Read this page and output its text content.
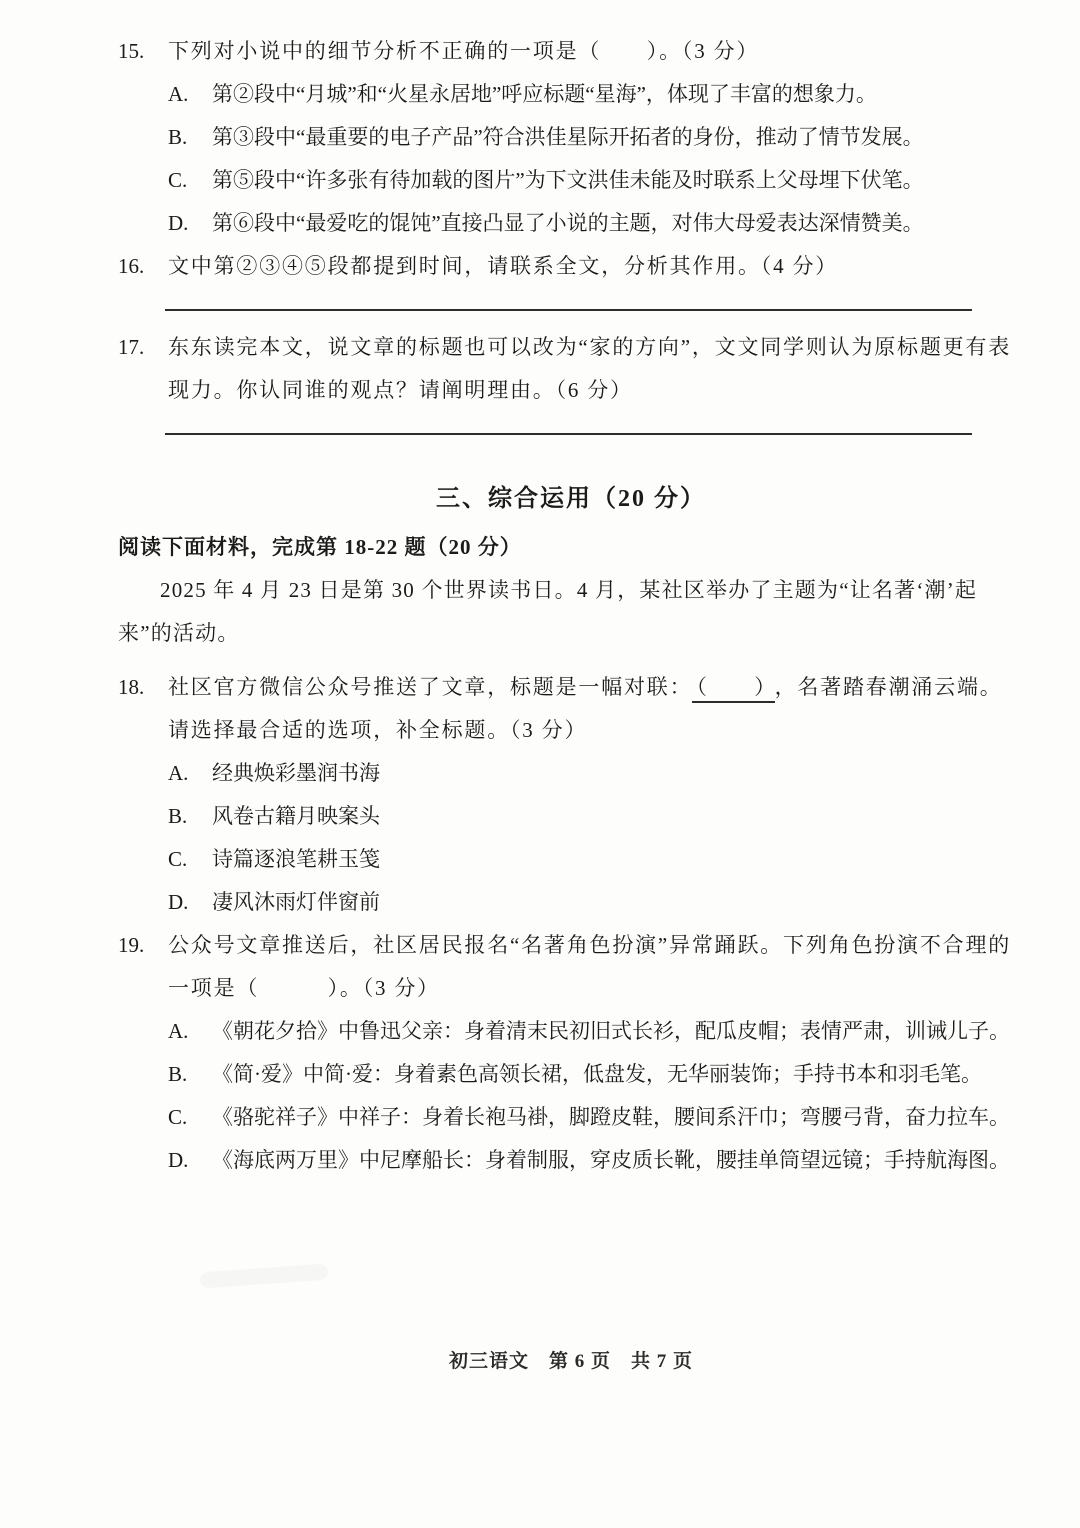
15. 下列对小说中的细节分析不正确的一项是（　　）。（3 分）
A. 第②段中“月城”和“火星永居地”呼应标题“星海”，体现了丰富的想象力。
B. 第③段中“最重要的电子产品”符合洪佳星际开拓者的身份，推动了情节发展。
C. 第⑤段中“许多张有待加载的图片”为下文洪佳未能及时联系上父母埋下伏笔。
D. 第⑥段中“最爱吃的馄饨”直接凸显了小说的主题，对伟大母爱表达深情赞美。
16. 文中第②③④⑤段都提到时间，请联系全文，分析其作用。（4 分）
17. 东东读完本文，说文章的标题也可以改为“家的方向”，文文同学则认为原标题更有表现力。你认同谁的观点？请阐明理由。（6 分）
三、综合运用（20 分）
阅读下面材料，完成第 18-22 题（20 分）
2025 年 4 月 23 日是第 30 个世界读书日。4 月，某社区举办了主题为“让名著‘潮’起来”的活动。
18. 社区官方微信公众号推送了文章，标题是一幅对联： （　　） ，名著踏春潮涌云端。请选择最合适的选项，补全标题。（3 分）
A. 经典焕彩墨润书海
B. 风卷古籍月映案头
C. 诗篇逐浪笔耕玉笺
D. 凄风沐雨灯伴窗前
19. 公众号文章推送后，社区居民报名“名著角色扮演”异常踊跃。下列角色扮演不合理的一项是（　　　）。（3 分）
A. 《朝花夕拾》中鲁迅父亲：身着清末民初旧式长衫，配瓜皮帽；表情严肃，训诫儿子。
B. 《简·爱》中简·爱：身着素色高领长裙，低盘发，无华丽装饰；手持书本和羽毛笔。
C. 《骆驼祥子》中祥子：身着长袍马褂，脚蹬皮鞋，腰间系汗巾；弯腰弓背，奋力拉车。
D. 《海底两万里》中尼摩船长：身着制服，穿皮质长靴，腰挂单筒望远镜；手持航海图。
初三语文　第 6 页　共 7 页
